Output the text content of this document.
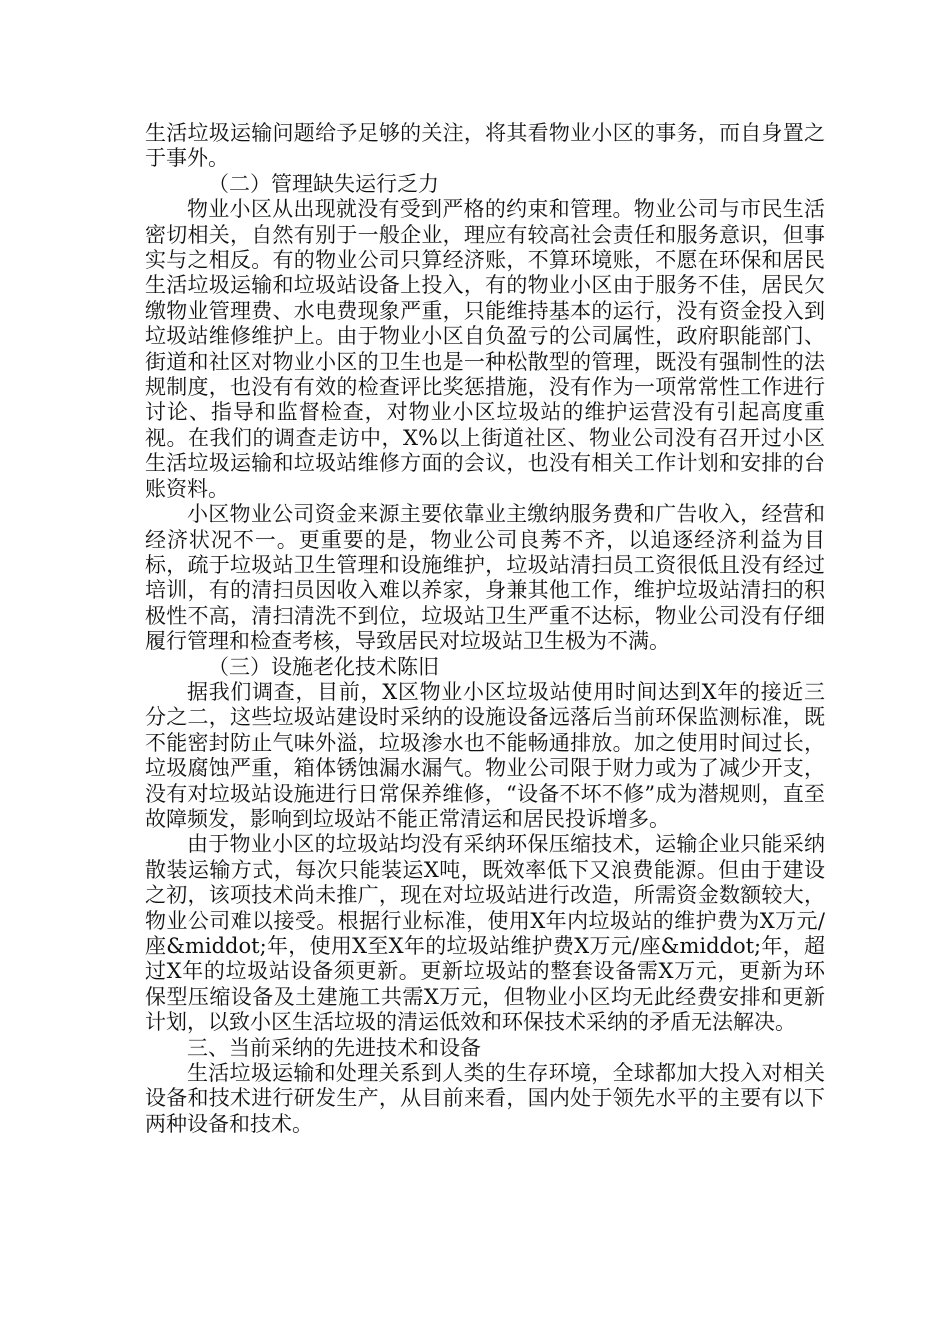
生活垃圾运输问题给予足够的关注，将其看物业小区的事务，而自身置之于事外。

（二）管理缺失运行乏力

物业小区从出现就没有受到严格的约束和管理。物业公司与市民生活密切相关，自然有别于一般企业，理应有较高社会责任和服务意识，但事实与之相反。有的物业公司只算经济账，不算环境账，不愿在环保和居民生活垃圾运输和垃圾站设备上投入，有的物业小区由于服务不佳，居民欠缴物业管理费、水电费现象严重，只能维持基本的运行，没有资金投入到垃圾站维修维护上。由于物业小区自负盈亏的公司属性，政府职能部门、街道和社区对物业小区的卫生也是一种松散型的管理，既没有强制性的法规制度，也没有有效的检查评比奖惩措施，没有作为一项常常性工作进行讨论、指导和监督检查，对物业小区垃圾站的维护运营没有引起高度重视。在我们的调查走访中，X%以上街道社区、物业公司没有召开过小区生活垃圾运输和垃圾站维修方面的会议，也没有相关工作计划和安排的台账资料。

小区物业公司资金来源主要依靠业主缴纳服务费和广告收入，经营和经济状况不一。更重要的是，物业公司良莠不齐，以追逐经济利益为目标，疏于垃圾站卫生管理和设施维护，垃圾站清扫员工资很低且没有经过培训，有的清扫员因收入难以养家，身兼其他工作，维护垃圾站清扫的积极性不高，清扫清洗不到位，垃圾站卫生严重不达标，物业公司没有仔细履行管理和检查考核，导致居民对垃圾站卫生极为不满。

（三）设施老化技术陈旧

据我们调查，目前，X区物业小区垃圾站使用时间达到X年的接近三分之二，这些垃圾站建设时采纳的设施设备远落后当前环保监测标准，既不能密封防止气味外溢，垃圾渗水也不能畅通排放。加之使用时间过长，垃圾腐蚀严重，箱体锈蚀漏水漏气。物业公司限于财力或为了减少开支，没有对垃圾站设施进行日常保养维修，“设备不坏不修”成为潜规则，直至故障频发，影响到垃圾站不能正常清运和居民投诉增多。

由于物业小区的垃圾站均没有采纳环保压缩技术，运输企业只能采纳散装运输方式，每次只能装运X吨，既效率低下又浪费能源。但由于建设之初，该项技术尚未推广，现在对垃圾站进行改造，所需资金数额较大，物业公司难以接受。根据行业标准，使用X年内垃圾站的维护费为X万元/座&middot;年，使用X至X年的垃圾站维护费X万元/座&middot;年，超过X年的垃圾站设备须更新。更新垃圾站的整套设备需X万元，更新为环保型压缩设备及土建施工共需X万元，但物业小区均无此经费安排和更新计划，以致小区生活垃圾的清运低效和环保技术采纳的矛盾无法解决。

三、当前采纳的先进技术和设备

生活垃圾运输和处理关系到人类的生存环境，全球都加大投入对相关设备和技术进行研发生产，从目前来看，国内处于领先水平的主要有以下两种设备和技术。
